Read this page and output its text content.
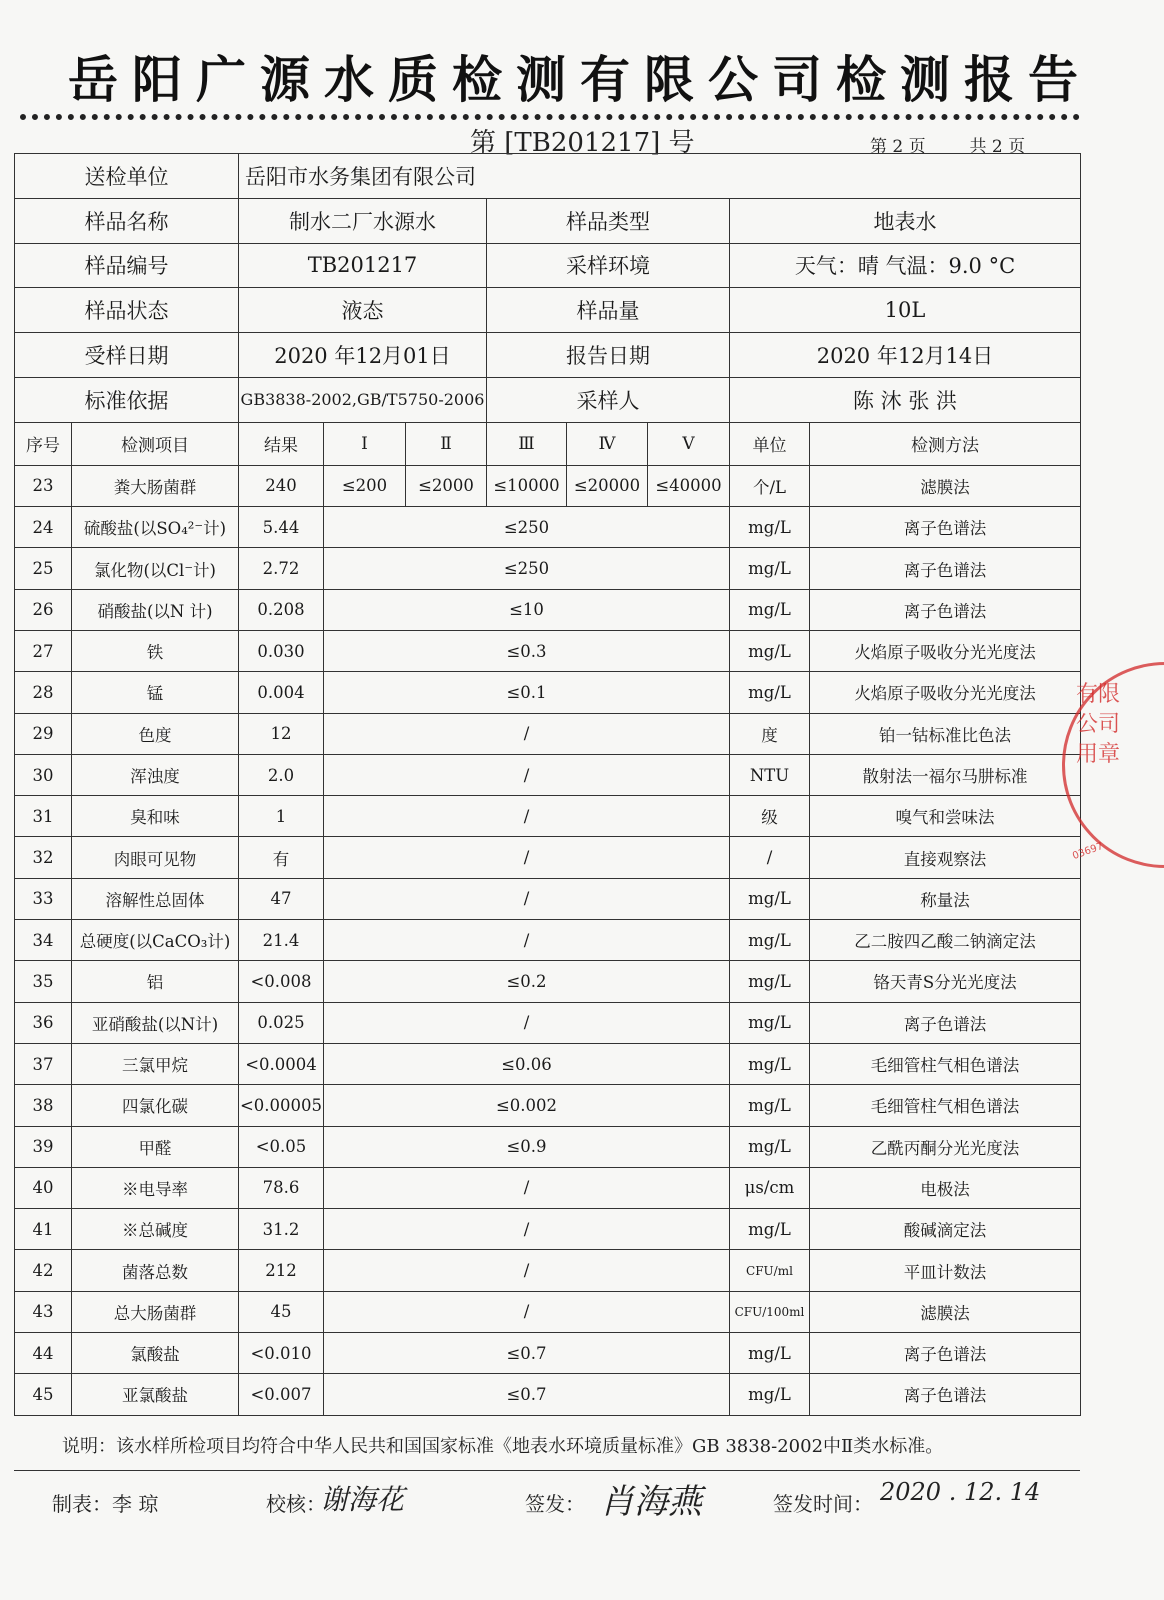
岳阳广源水质检测有限公司检测报告
第 [TB201217] 号	第 2 页	共 2 页
送检单位		岳阳市水务集团有限公司							
样品名称		制水二厂水源水			样品类型			地表水	
样品编号		TB201217			采样环境			天气：晴 气温：9.0 °C	
样品状态		液态			样品量			10L	
受样日期		2020 年12月01日			报告日期			2020 年12月14日	
标准依据		GB3838-2002,GB/T5750-2006			采样人			陈 沐 张 洪	
序号	检测项目	结果	Ⅰ	Ⅱ	Ⅲ	Ⅳ	Ⅴ	单位	检测方法
23	粪大肠菌群	240	≤200	≤2000	≤10000	≤20000	≤40000	个/L	滤膜法
24	硫酸盐(以SO₄²⁻计)	5.44	≤250					mg/L	离子色谱法
25	氯化物(以Cl⁻计)	2.72	≤250					mg/L	离子色谱法
26	硝酸盐(以N 计)	0.208	≤10					mg/L	离子色谱法
27	铁	0.030	≤0.3					mg/L	火焰原子吸收分光光度法
28	锰	0.004	≤0.1					mg/L	火焰原子吸收分光光度法
29	色度	12	/					度	铂一钴标准比色法
30	浑浊度	2.0	/					NTU	散射法一福尔马肼标准
31	臭和味	1	/					级	嗅气和尝味法
32	肉眼可见物	有	/					/	直接观察法
33	溶解性总固体	47	/					mg/L	称量法
34	总硬度(以CaCO₃计)	21.4	/					mg/L	乙二胺四乙酸二钠滴定法
35	铝	<0.008	≤0.2					mg/L	铬天青S分光光度法
36	亚硝酸盐(以N计)	0.025	/					mg/L	离子色谱法
37	三氯甲烷	<0.0004	≤0.06					mg/L	毛细管柱气相色谱法
38	四氯化碳	<0.00005	≤0.002					mg/L	毛细管柱气相色谱法
39	甲醛	<0.05	≤0.9					mg/L	乙酰丙酮分光光度法
40	※电导率	78.6	/					μs/cm	电极法
41	※总碱度	31.2	/					mg/L	酸碱滴定法
42	菌落总数	212	/					CFU/ml	平皿计数法
43	总大肠菌群	45	/					CFU/100ml	滤膜法
44	氯酸盐	<0.010	≤0.7					mg/L	离子色谱法
45	亚氯酸盐	<0.007	≤0.7					mg/L	离子色谱法
说明：该水样所检项目均符合中华人民共和国国家标准《地表水环境质量标准》GB 3838-2002中Ⅱ类水标准。
制表：李 琼	校核：
谢海花	签发： 肖海燕	签发时间： 2020 . 12. 14
有限公司用章
03697
